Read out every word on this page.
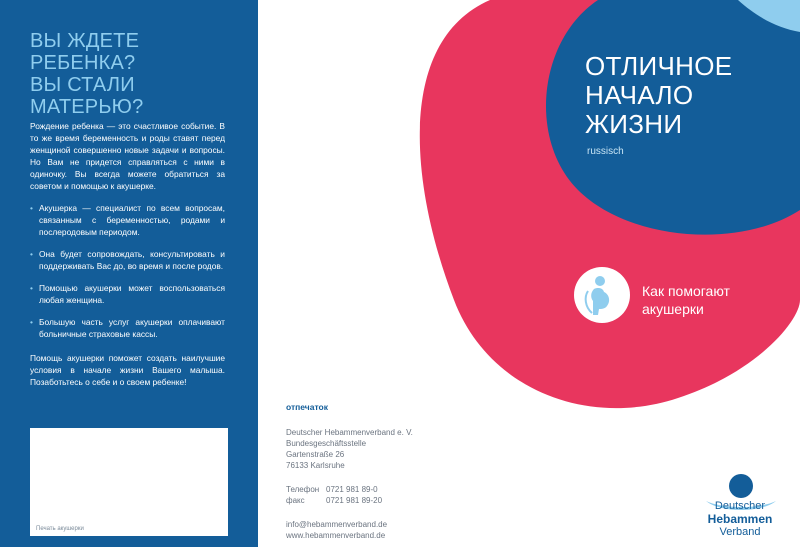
ВЫ ЖДЕТЕ РЕБЕНКА?
ВЫ СТАЛИ МАТЕРЬЮ?

Рождение ребенка — это счастливое событие. В то же время беременность и роды ставят перед женщиной совершенно новые задачи и вопросы. Но Вам не придется справляться с ними в одиночку. Вы всегда можете обратиться за советом и помощью к акушерке.

• Акушерка — специалист по всем вопросам, связанным с беременностью, родами и послеродовым периодом.
• Она будет сопровождать, консультировать и поддерживать Вас до, во время и после родов.
• Помощью акушерки может воспользоваться любая женщина.
• Большую часть услуг акушерки оплачивают больничные страховые кассы.

Помощь акушерки поможет создать наилучшие условия в начале жизни Вашего малыша. Позаботьтесь о себе и о своем ребенке!

Печать акушерки
ОТЛИЧНОЕ
НАЧАЛО
ЖИЗНИ
russisch

Как помогают
акушерки

отпечаток
Deutscher Hebammenverband e. V.
Bundesgeschäftsstelle
Gartenstraße 26
76133 Karlsruhe
Телефон 0721 981 89-0
факс	0721 981 89-20
info@hebammenverband.de
www.hebammenverband.de
Deutscher
Hebammen
Verband
